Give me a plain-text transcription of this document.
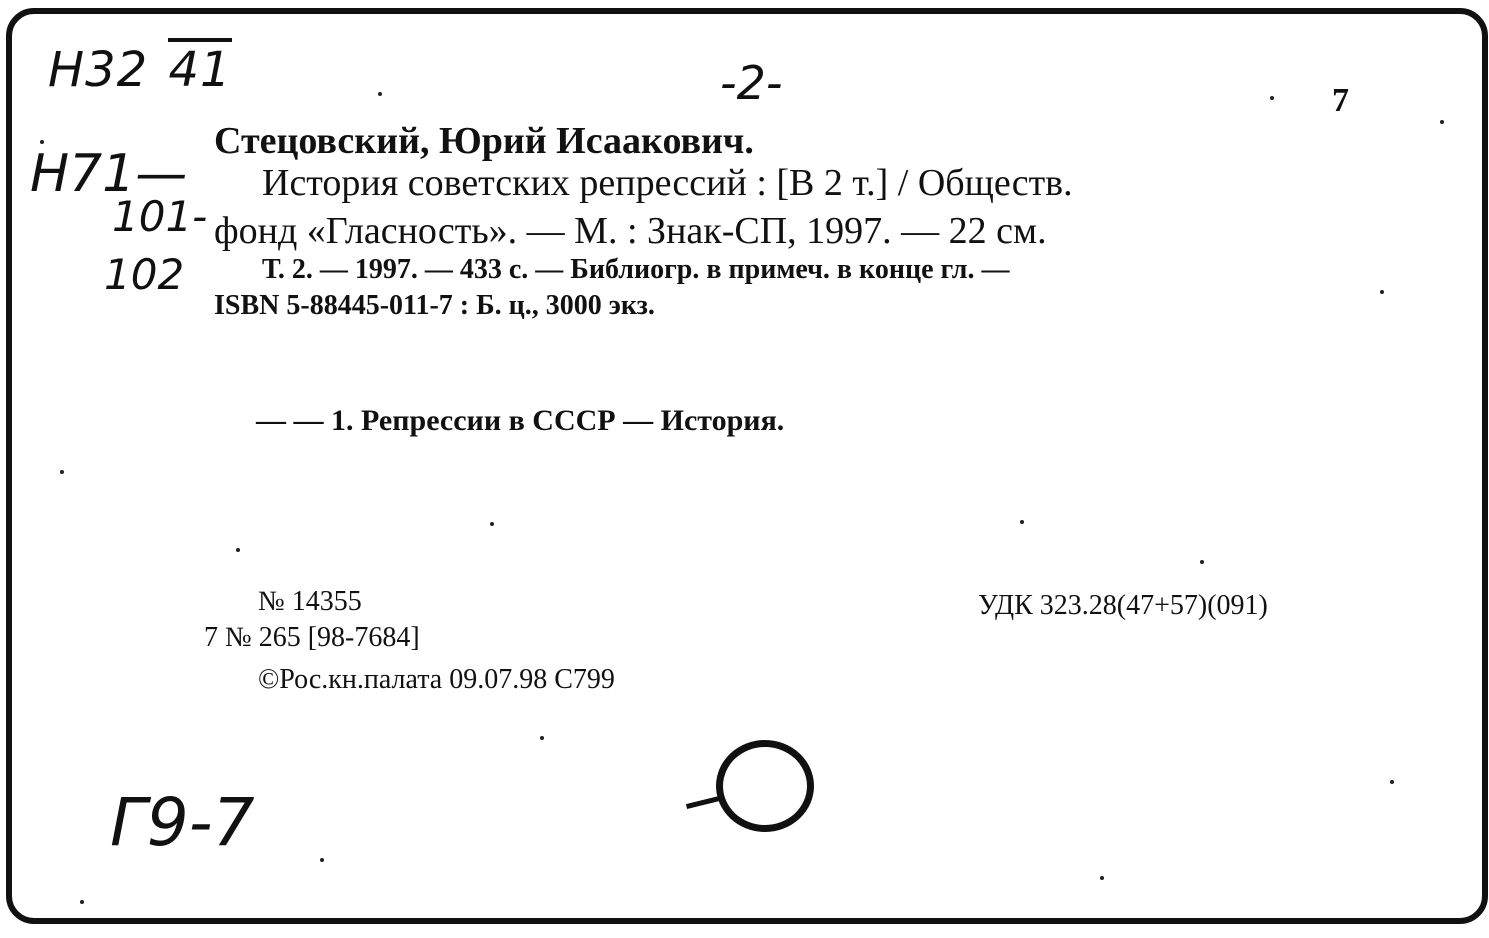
Н32 41	-2-	7
Н71—
101-
102
Стецовский, Юрий Исаакович.
История советских репрессий : [В 2 т.] / Обществ.
фонд «Гласность». — М. : Знак-СП, 1997. — 22 см.
Т. 2. — 1997. — 433 с. — Библиогр. в примеч. в конце гл. —
ISBN 5-88445-011-7 : Б. ц., 3000 экз.
— — 1. Репрессии в СССР — История.
№ 14355
7 № 265 [98-7684]
©Рос.кн.палата 09.07.98 С799
УДК 323.28(47+57)(091)
Г9-7
